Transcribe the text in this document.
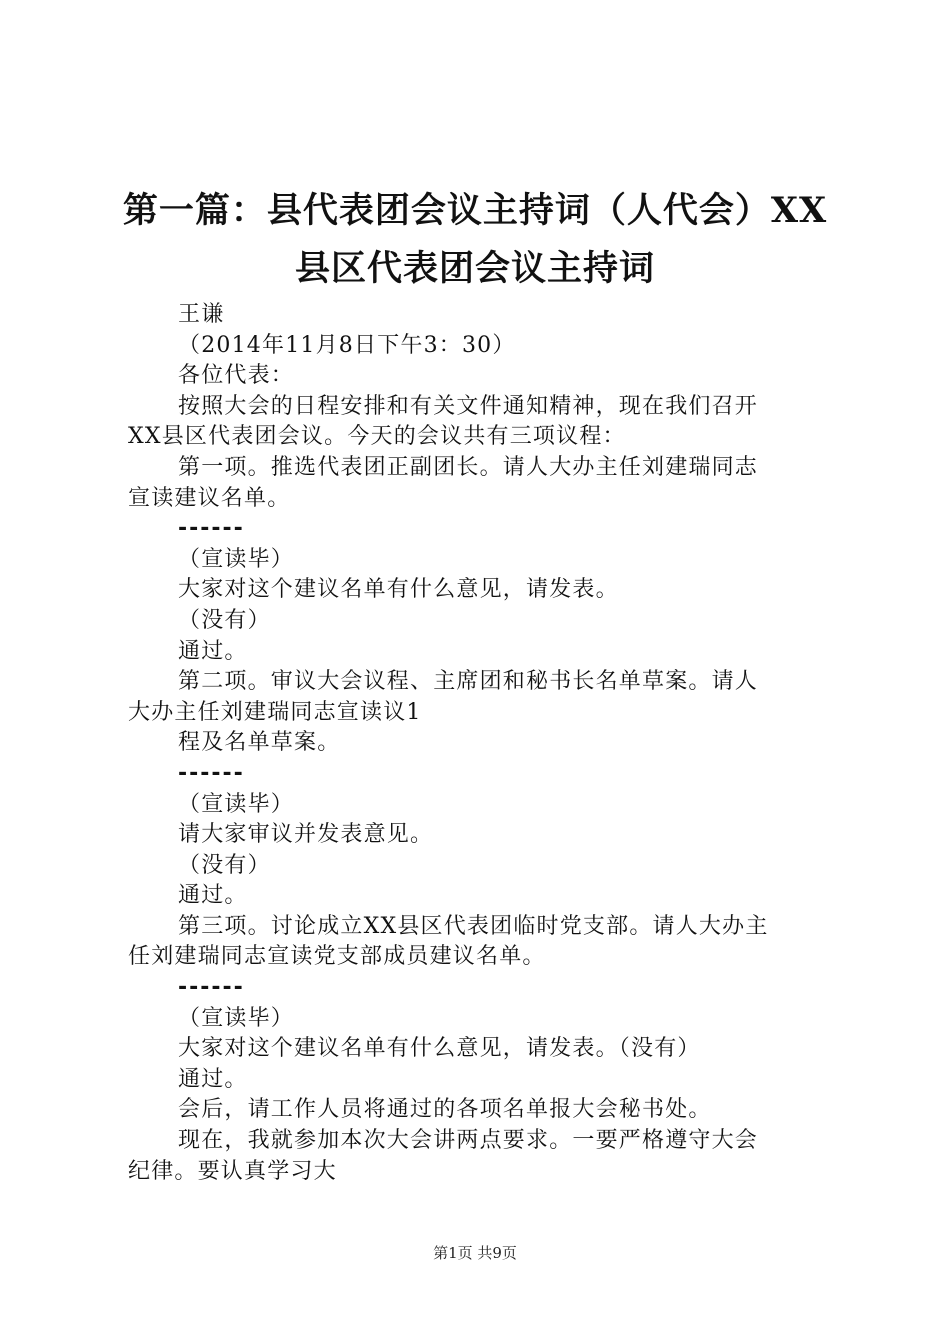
第一篇：县代表团会议主持词（人代会）XX
县区代表团会议主持词
王谦
（2014年11月8日下午3：30）
各位代表：
按照大会的日程安排和有关文件通知精神，现在我们召开
XX县区代表团会议。今天的会议共有三项议程：
第一项。推选代表团正副团长。请人大办主任刘建瑞同志
宣读建议名单。
------
（宣读毕）
大家对这个建议名单有什么意见，请发表。
（没有）
通过。
第二项。审议大会议程、主席团和秘书长名单草案。请人
大办主任刘建瑞同志宣读议1
程及名单草案。
------
（宣读毕）
请大家审议并发表意见。
（没有）
通过。
第三项。讨论成立XX县区代表团临时党支部。请人大办主
任刘建瑞同志宣读党支部成员建议名单。
------
（宣读毕）
大家对这个建议名单有什么意见，请发表。（没有）
通过。
会后，请工作人员将通过的各项名单报大会秘书处。
现在，我就参加本次大会讲两点要求。一要严格遵守大会
纪律。要认真学习大
第1页 共9页
